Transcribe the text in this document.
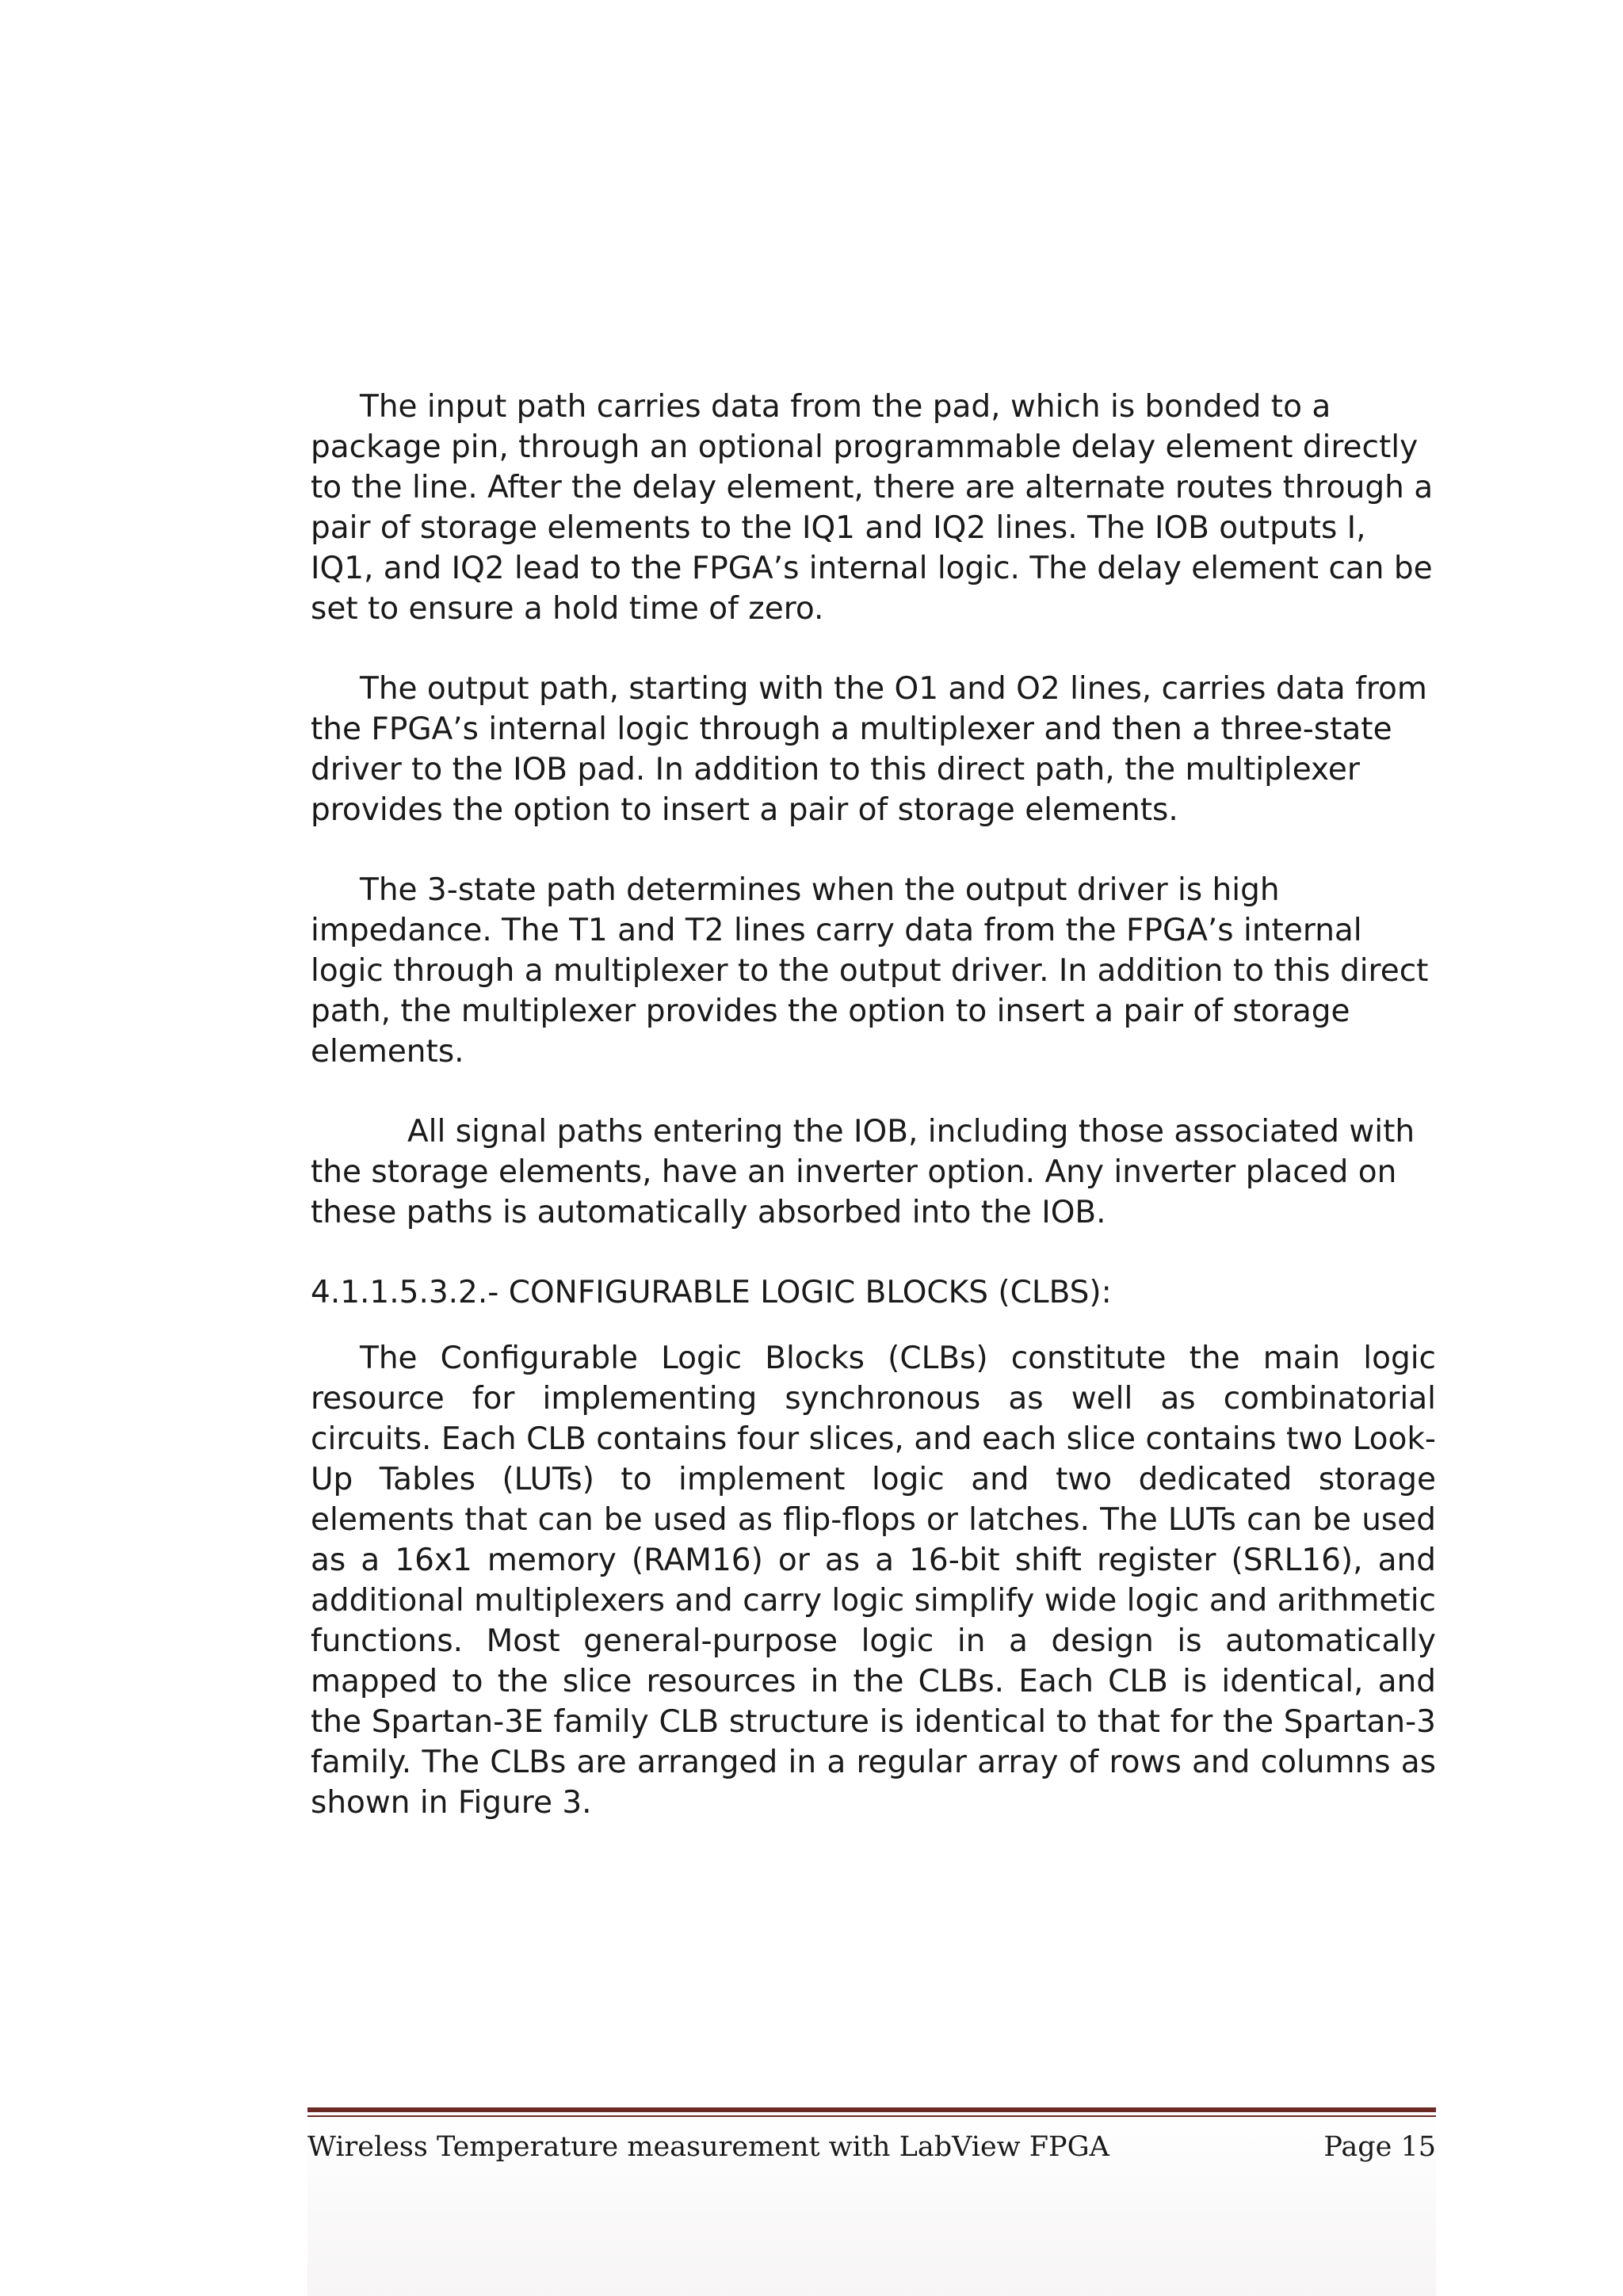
The input path carries data from the pad, which is bonded to a package pin, through an optional programmable delay element directly to the line. After the delay element, there are alternate routes through a pair of storage elements to the IQ1 and IQ2 lines. The IOB outputs I, IQ1, and IQ2 lead to the FPGA’s internal logic. The delay element can be set to ensure a hold time of zero.

The output path, starting with the O1 and O2 lines, carries data from the FPGA’s internal logic through a multiplexer and then a three-state driver to the IOB pad. In addition to this direct path, the multiplexer provides the option to insert a pair of storage elements.

The 3-state path determines when the output driver is high impedance. The T1 and T2 lines carry data from the FPGA’s internal logic through a multiplexer to the output driver. In addition to this direct path, the multiplexer provides the option to insert a pair of storage elements.

All signal paths entering the IOB, including those associated with the storage elements, have an inverter option. Any inverter placed on these paths is automatically absorbed into the IOB.

4.1.1.5.3.2.- CONFIGURABLE LOGIC BLOCKS (CLBS):

The Configurable Logic Blocks (CLBs) constitute the main logic resource for implementing synchronous as well as combinatorial circuits. Each CLB contains four slices, and each slice contains two Look-Up Tables (LUTs) to implement logic and two dedicated storage elements that can be used as flip-flops or latches. The LUTs can be used as a 16x1 memory (RAM16) or as a 16-bit shift register (SRL16), and additional multiplexers and carry logic simplify wide logic and arithmetic functions. Most general-purpose logic in a design is automatically mapped to the slice resources in the CLBs. Each CLB is identical, and the Spartan-3E family CLB structure is identical to that for the Spartan-3 family. The CLBs are arranged in a regular array of rows and columns as shown in Figure 3.

Wireless Temperature measurement with LabView FPGA	Page 15
